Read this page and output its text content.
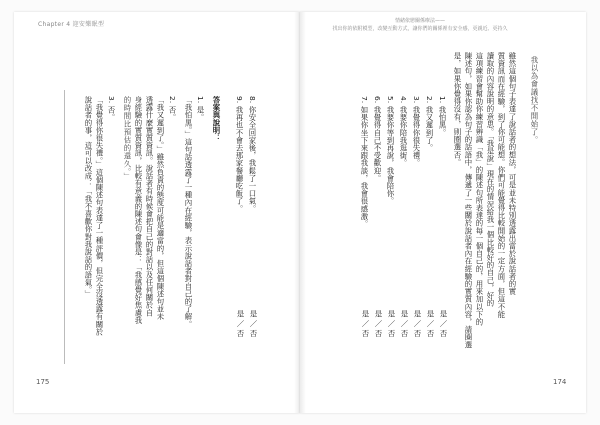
Chapter 4 迎安樂眠型	情緒依戀關係療法——
找出你的依附模型，改變互動方式，讓你們的關係裡有安全感，更親近、更持久
我以為會議找不開始了。
雖然這個句子表達了說話者的想法，可是並未特別透露出當於說話者的實
質資訊而在經驗，到了你可能想。你們可能覺得比較開始的一定方面，但這不能
讀取的內容說明的意思。「我是說」現在的情況給我一個比較好的自己，好的
這項練習會幫助你練習辨識「我」的陳述句所表達的每一個自己的，用來加以下的
陳述句，如果你認為句子的話語中，傳遞了一些關於說話者內在經驗的實質內容，請圈選
是，如果你覺得沒有，則圈選否。
1. 我怕黑。
2. 我又遲到了。
3. 我覺得你很失禮。
4. 我要你陪我逛街。
5. 我要你等到再說，我會陪你。
6. 我覺得自己不受歡迎。
7. 如果你坐下來跟我談，我會很感激。
是 ／ 否
是 ／ 否
是 ／ 否
是 ／ 否
是 ／ 否
是 ／ 否
是 ／ 否
8. 你安全回家後，我鬆了一口氣。
9. 我再也不會去那家餐廳吃飯了。
是 ／ 否
是 ／ 否
答案與說明：
1. 是。
「我怕黑。」這句話透露了一種內在經驗，表示說話者對自己的了解。
2. 否。
「我又遲到了。」雖然負責的態度可能是適當的，但這個陳述句並未
透露什麼實質資訊。說話者有時候會把自己的對話以及任何關於自
身經驗的實質資訊，比較有意義的陳述句會像是：「我感覺好焦慮我
的時間比預估的還久。」
3. 否。
「我覺得你很失禮。」這個陳述句表達了一種評價，但完全沒透露有關於
說話者的事，這可以改成：「我不喜歡你對我說話的語氣。」
175	174
